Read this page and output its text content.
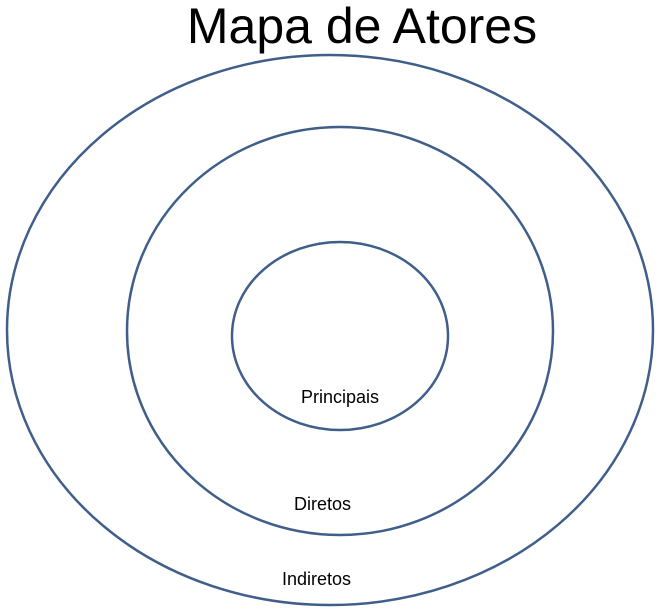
Mapa de Atores
Principais
Diretos
Indiretos
